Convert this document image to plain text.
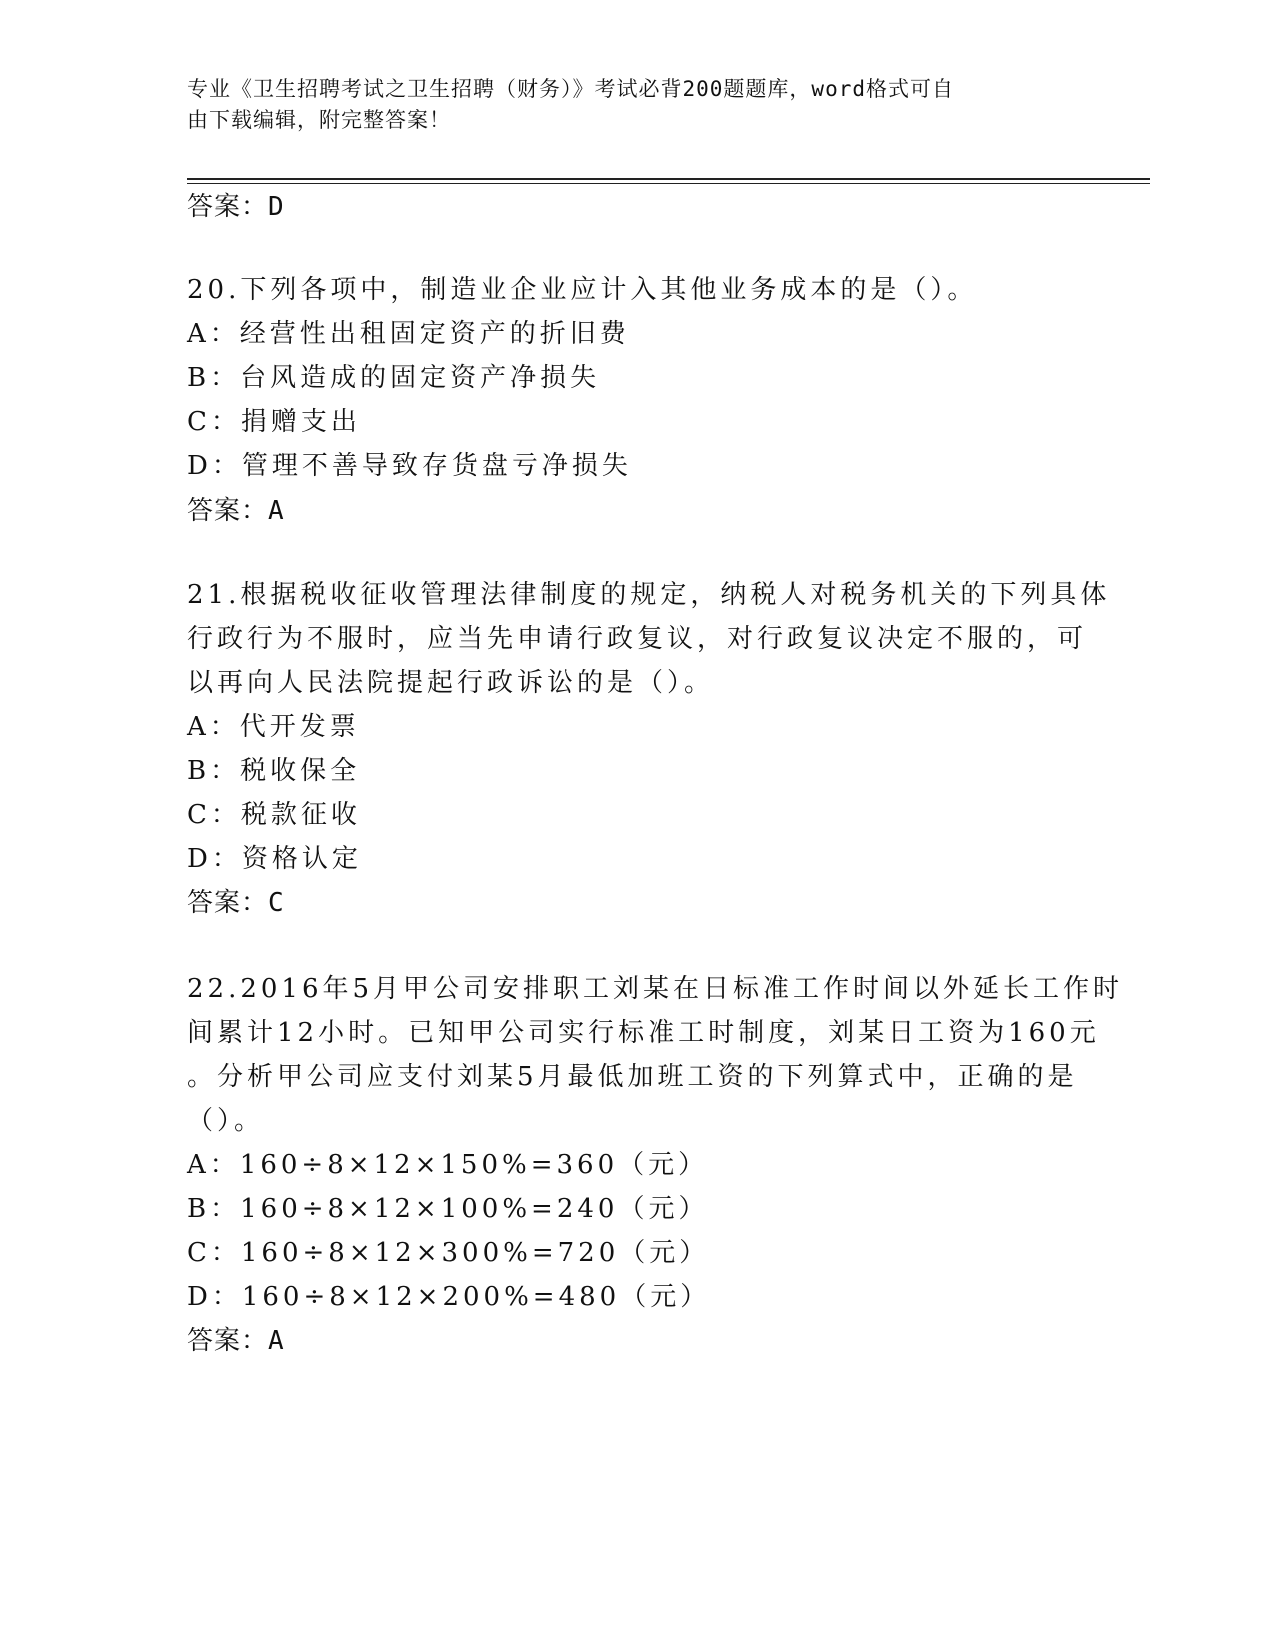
专业《卫生招聘考试之卫生招聘（财务）》考试必背200题题库，word格式可自
由下载编辑，附完整答案！
答案：D
20.下列各项中，制造业企业应计入其他业务成本的是（）。
A：经营性出租固定资产的折旧费
B：台风造成的固定资产净损失
C：捐赠支出
D：管理不善导致存货盘亏净损失
答案：A
21.根据税收征收管理法律制度的规定，纳税人对税务机关的下列具体
行政行为不服时，应当先申请行政复议，对行政复议决定不服的，可
以再向人民法院提起行政诉讼的是（）。
A：代开发票
B：税收保全
C：税款征收
D：资格认定
答案：C
22.2016年5月甲公司安排职工刘某在日标准工作时间以外延长工作时
间累计12小时。已知甲公司实行标准工时制度，刘某日工资为160元
。分析甲公司应支付刘某5月最低加班工资的下列算式中，正确的是
（）。
A：160÷8×12×150%=360（元）
B：160÷8×12×100%=240（元）
C：160÷8×12×300%=720（元）
D：160÷8×12×200%=480（元）
答案：A
